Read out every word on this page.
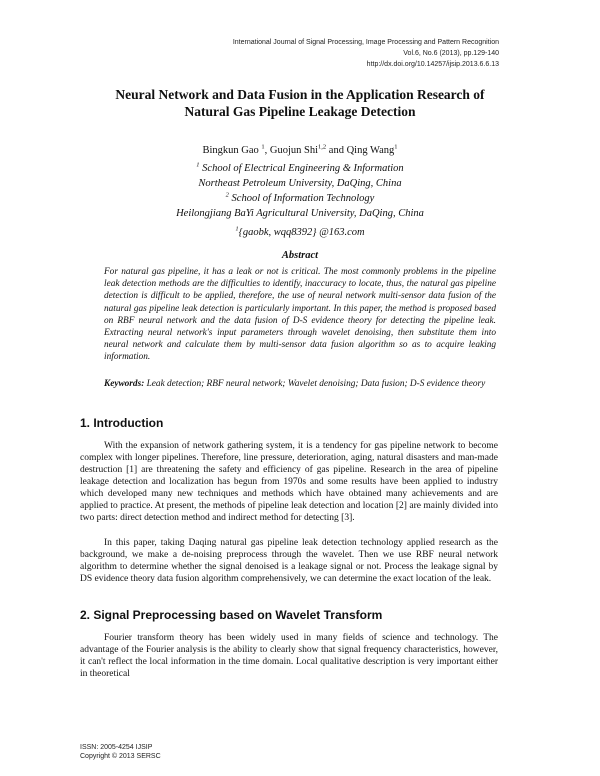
International Journal of Signal Processing, Image Processing and Pattern Recognition
Vol.6, No.6 (2013), pp.129-140
http://dx.doi.org/10.14257/ijsip.2013.6.6.13
Neural Network and Data Fusion in the Application Research of
Natural Gas Pipeline Leakage Detection
Bingkun Gao $^1$, Guojun Shi$^{1,2}$ and Qing Wang$^1$
$^1$ School of Electrical Engineering & Information
Northeast Petroleum University, DaQing, China
$^2$ School of Information Technology
Heilongjiang BaYi Agricultural University, DaQing, China
$^1${gaobk, wqq8392} @163.com
Abstract

For natural gas pipeline, it has a leak or not is critical. The most commonly problems in the pipeline leak detection methods are the difficulties to identify, inaccuracy to locate, thus, the natural gas pipeline detection is difficult to be applied, therefore, the use of neural network multi-sensor data fusion of the natural gas pipeline leak detection is particularly important. In this paper, the method is proposed based on RBF neural network and the data fusion of D-S evidence theory for detecting the pipeline leak. Extracting neural network's input parameters through wavelet denoising, then substitute them into neural network and calculate them by multi-sensor data fusion algorithm so as to acquire leaking information.

Keywords: Leak detection; RBF neural network; Wavelet denoising; Data fusion; D-S evidence theory

1. Introduction

With the expansion of network gathering system, it is a tendency for gas pipeline network to become complex with longer pipelines. Therefore, line pressure, deterioration, aging, natural disasters and man-made destruction [1] are threatening the safety and efficiency of gas pipeline. Research in the area of pipeline leakage detection and localization has begun from 1970s and some results have been applied to industry which developed many new techniques and methods which have obtained many achievements and are applied to practice. At present, the methods of pipeline leak detection and location [2] are mainly divided into two parts: direct detection method and indirect method for detecting [3].

In this paper, taking Daqing natural gas pipeline leak detection technology applied research as the background, we make a de-noising preprocess through the wavelet. Then we use RBF neural network algorithm to determine whether the signal denoised is a leakage signal or not. Process the leakage signal by DS evidence theory data fusion algorithm comprehensively, we can determine the exact location of the leak.

2. Signal Preprocessing based on Wavelet Transform

Fourier transform theory has been widely used in many fields of science and technology. The advantage of the Fourier analysis is the ability to clearly show that signal frequency characteristics, however, it can't reflect the local information in the time domain. Local qualitative description is very important either in theoretical

ISSN: 2005-4254 IJSIP
Copyright © 2013 SERSC
